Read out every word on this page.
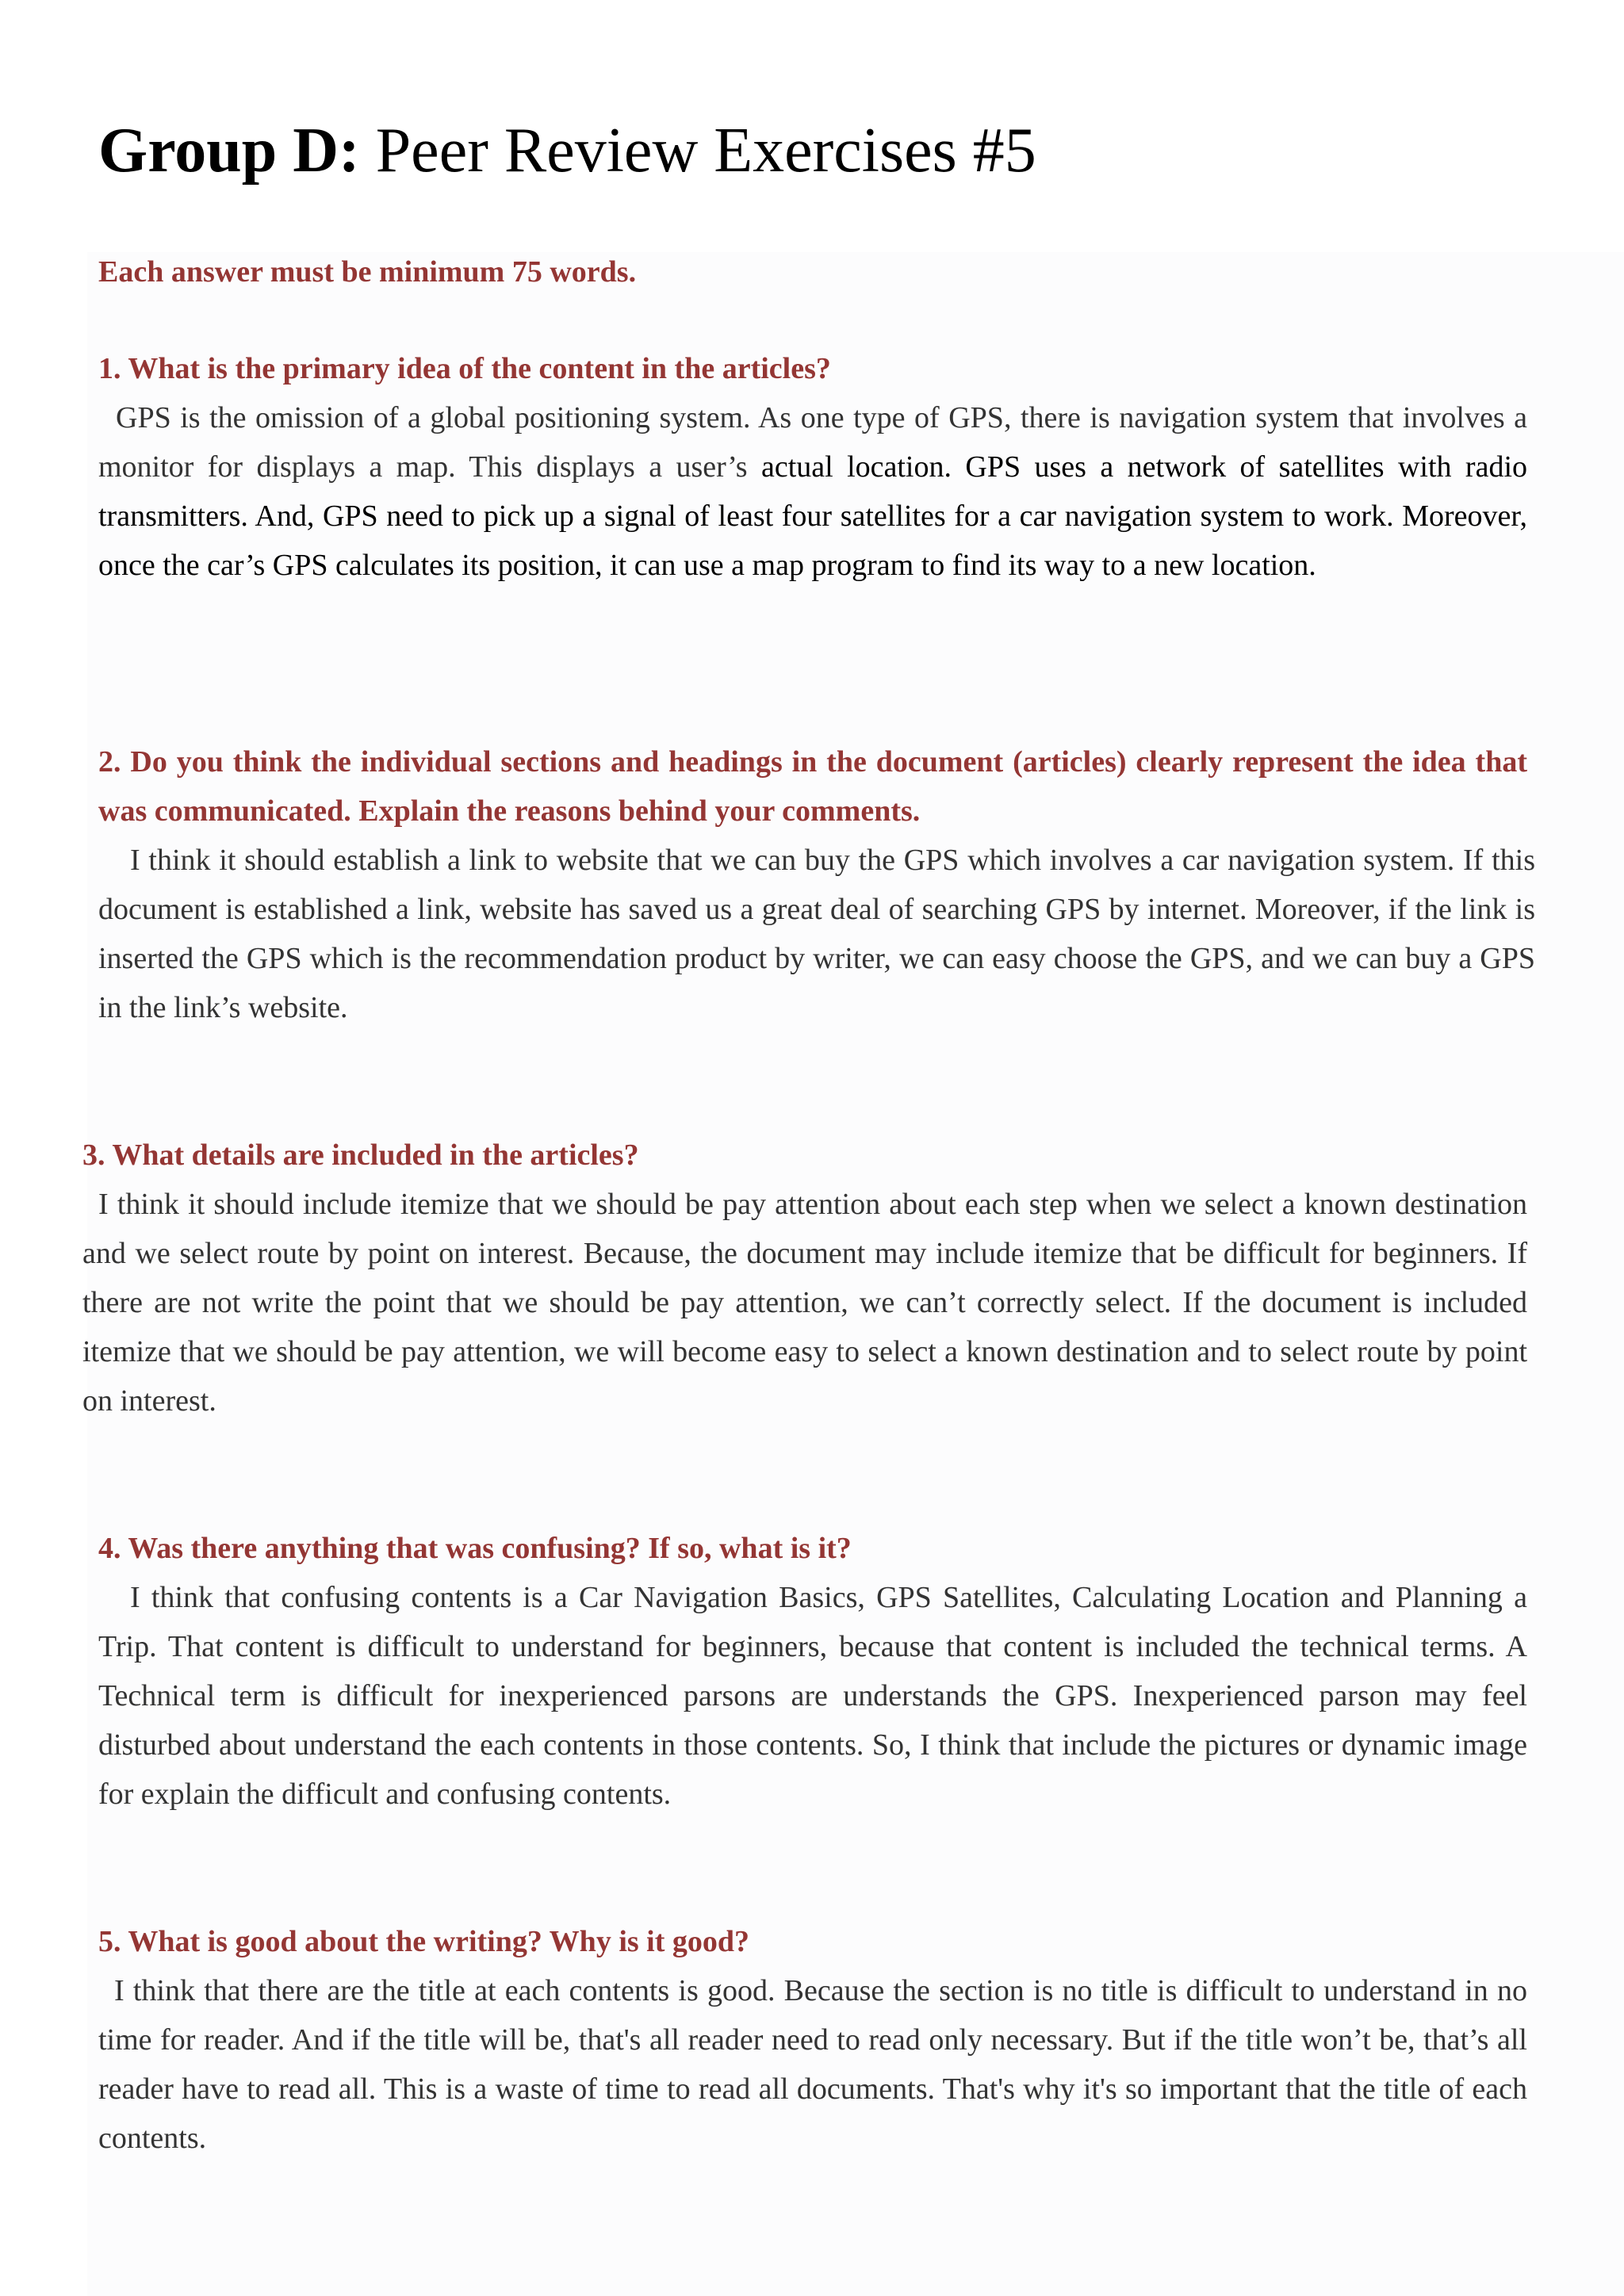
Group D: Peer Review Exercises #5
Each answer must be minimum 75 words.
1. What is the primary idea of the content in the articles?
GPS is the omission of a global positioning system. As one type of GPS, there is navigation system that involves a monitor for displays a map. This displays a user’s actual location. GPS uses a network of satellites with radio transmitters. And, GPS need to pick up a signal of least four satellites for a car navigation system to work. Moreover, once the car’s GPS calculates its position, it can use a map program to find its way to a new location.
2. Do you think the individual sections and headings in the document (articles) clearly represent the idea that was communicated. Explain the reasons behind your comments.
I think it should establish a link to website that we can buy the GPS which involves a car navigation system. If this document is established a link, website has saved us a great deal of searching GPS by internet. Moreover, if the link is inserted the GPS which is the recommendation product by writer, we can easy choose the GPS, and we can buy a GPS in the link’s website.
3. What details are included in the articles?
I think it should include itemize that we should be pay attention about each step when we select a known destination and we select route by point on interest. Because, the document may include itemize that be difficult for beginners. If there are not write the point that we should be pay attention, we can’t correctly select. If the document is included itemize that we should be pay attention, we will become easy to select a known destination and to select route by point on interest.
4. Was there anything that was confusing? If so, what is it?
I think that confusing contents is a Car Navigation Basics, GPS Satellites, Calculating Location and Planning a Trip. That content is difficult to understand for beginners, because that content is included the technical terms. A Technical term is difficult for inexperienced parsons are understands the GPS. Inexperienced parson may feel disturbed about understand the each contents in those contents. So, I think that include the pictures or dynamic image for explain the difficult and confusing contents.
5. What is good about the writing? Why is it good?
I think that there are the title at each contents is good. Because the section is no title is difficult to understand in no time for reader. And if the title will be, that's all reader need to read only necessary. But if the title won’t be, that’s all reader have to read all. This is a waste of time to read all documents. That's why it's so important that the title of each contents.
